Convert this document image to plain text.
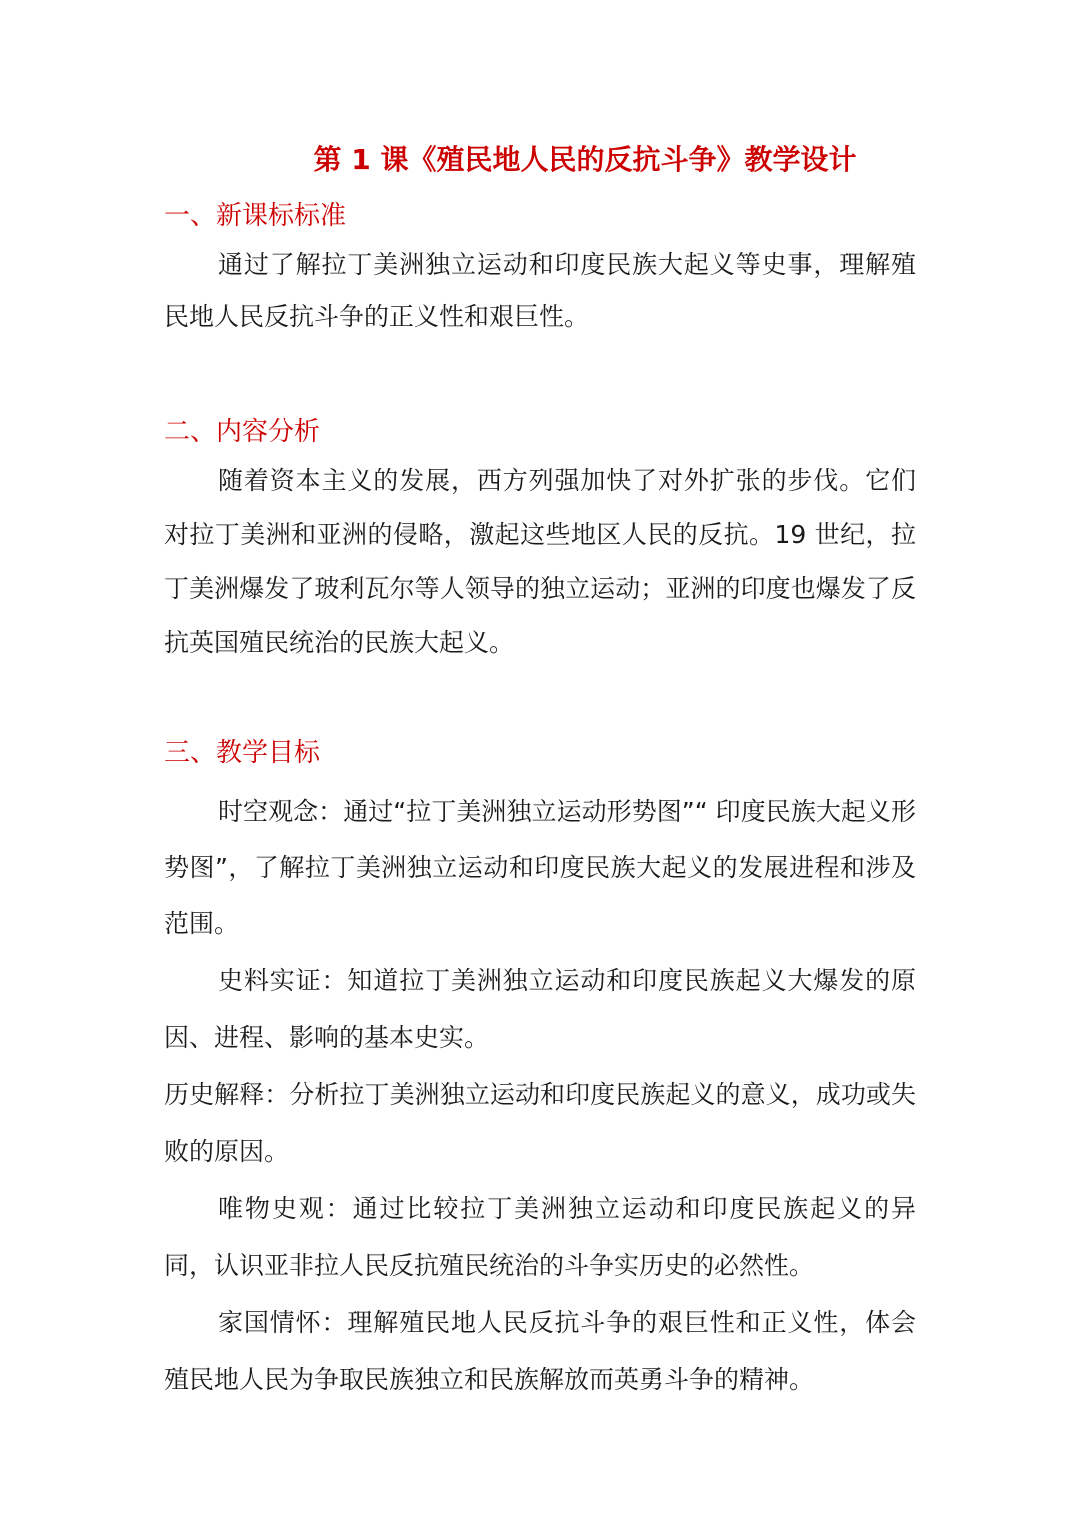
第 1 课《殖民地人民的反抗斗争》教学设计
一、新课标标准

通过了解拉丁美洲独立运动和印度民族大起义等史事，理解殖民地人民反抗斗争的正义性和艰巨性。

二、内容分析

随着资本主义的发展，西方列强加快了对外扩张的步伐。它们对拉丁美洲和亚洲的侵略，激起这些地区人民的反抗。19 世纪，拉丁美洲爆发了玻利瓦尔等人领导的独立运动；亚洲的印度也爆发了反抗英国殖民统治的民族大起义。

三、教学目标

时空观念：通过“拉丁美洲独立运动形势图”“ 印度民族大起义形势图”，了解拉丁美洲独立运动和印度民族大起义的发展进程和涉及范围。

史料实证：知道拉丁美洲独立运动和印度民族起义大爆发的原因、进程、影响的基本史实。

历史解释：分析拉丁美洲独立运动和印度民族起义的意义，成功或失败的原因。

唯物史观：通过比较拉丁美洲独立运动和印度民族起义的异同，认识亚非拉人民反抗殖民统治的斗争实历史的必然性。

家国情怀：理解殖民地人民反抗斗争的艰巨性和正义性，体会殖民地人民为争取民族独立和民族解放而英勇斗争的精神。
